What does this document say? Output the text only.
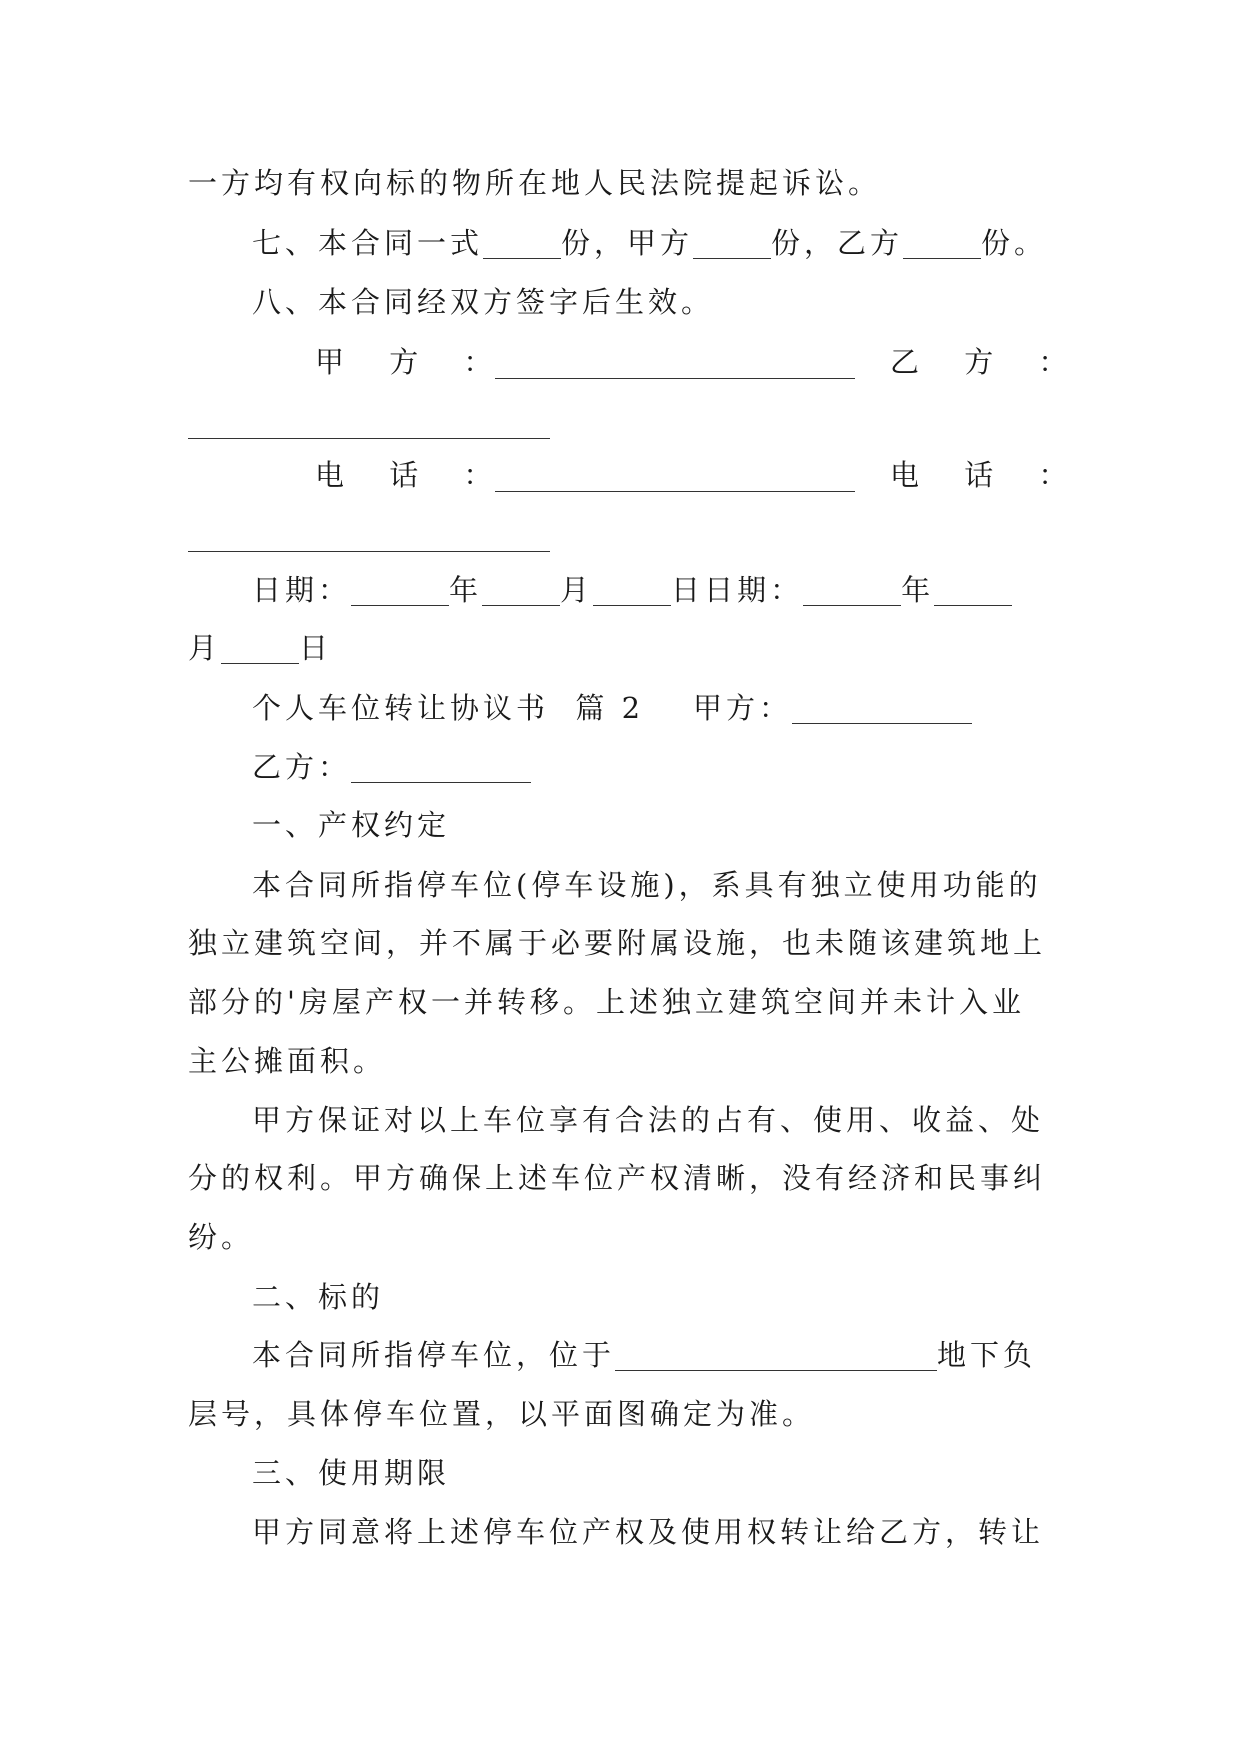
一方均有权向标的物所在地人民法院提起诉讼。
七、本合同一式	份，甲方	份，乙方	份。
八、本合同经双方签字后生效。
甲 方 ：	乙 方 ：
电 话 ：	电 话 ：
日期：	年	月	日日期：	年
月	日
个人车位转让协议书  篇 2 甲方：
乙方：
一、产权约定
本合同所指停车位(停车设施)，系具有独立使用功能的
独立建筑空间，并不属于必要附属设施，也未随该建筑地上
部分的'房屋产权一并转移。上述独立建筑空间并未计入业
主公摊面积。
甲方保证对以上车位享有合法的占有、使用、收益、处
分的权利。甲方确保上述车位产权清晰，没有经济和民事纠
纷。
二、标的
本合同所指停车位，位于	地下负
层号，具体停车位置，以平面图确定为准。
三、使用期限
甲方同意将上述停车位产权及使用权转让给乙方，转让
